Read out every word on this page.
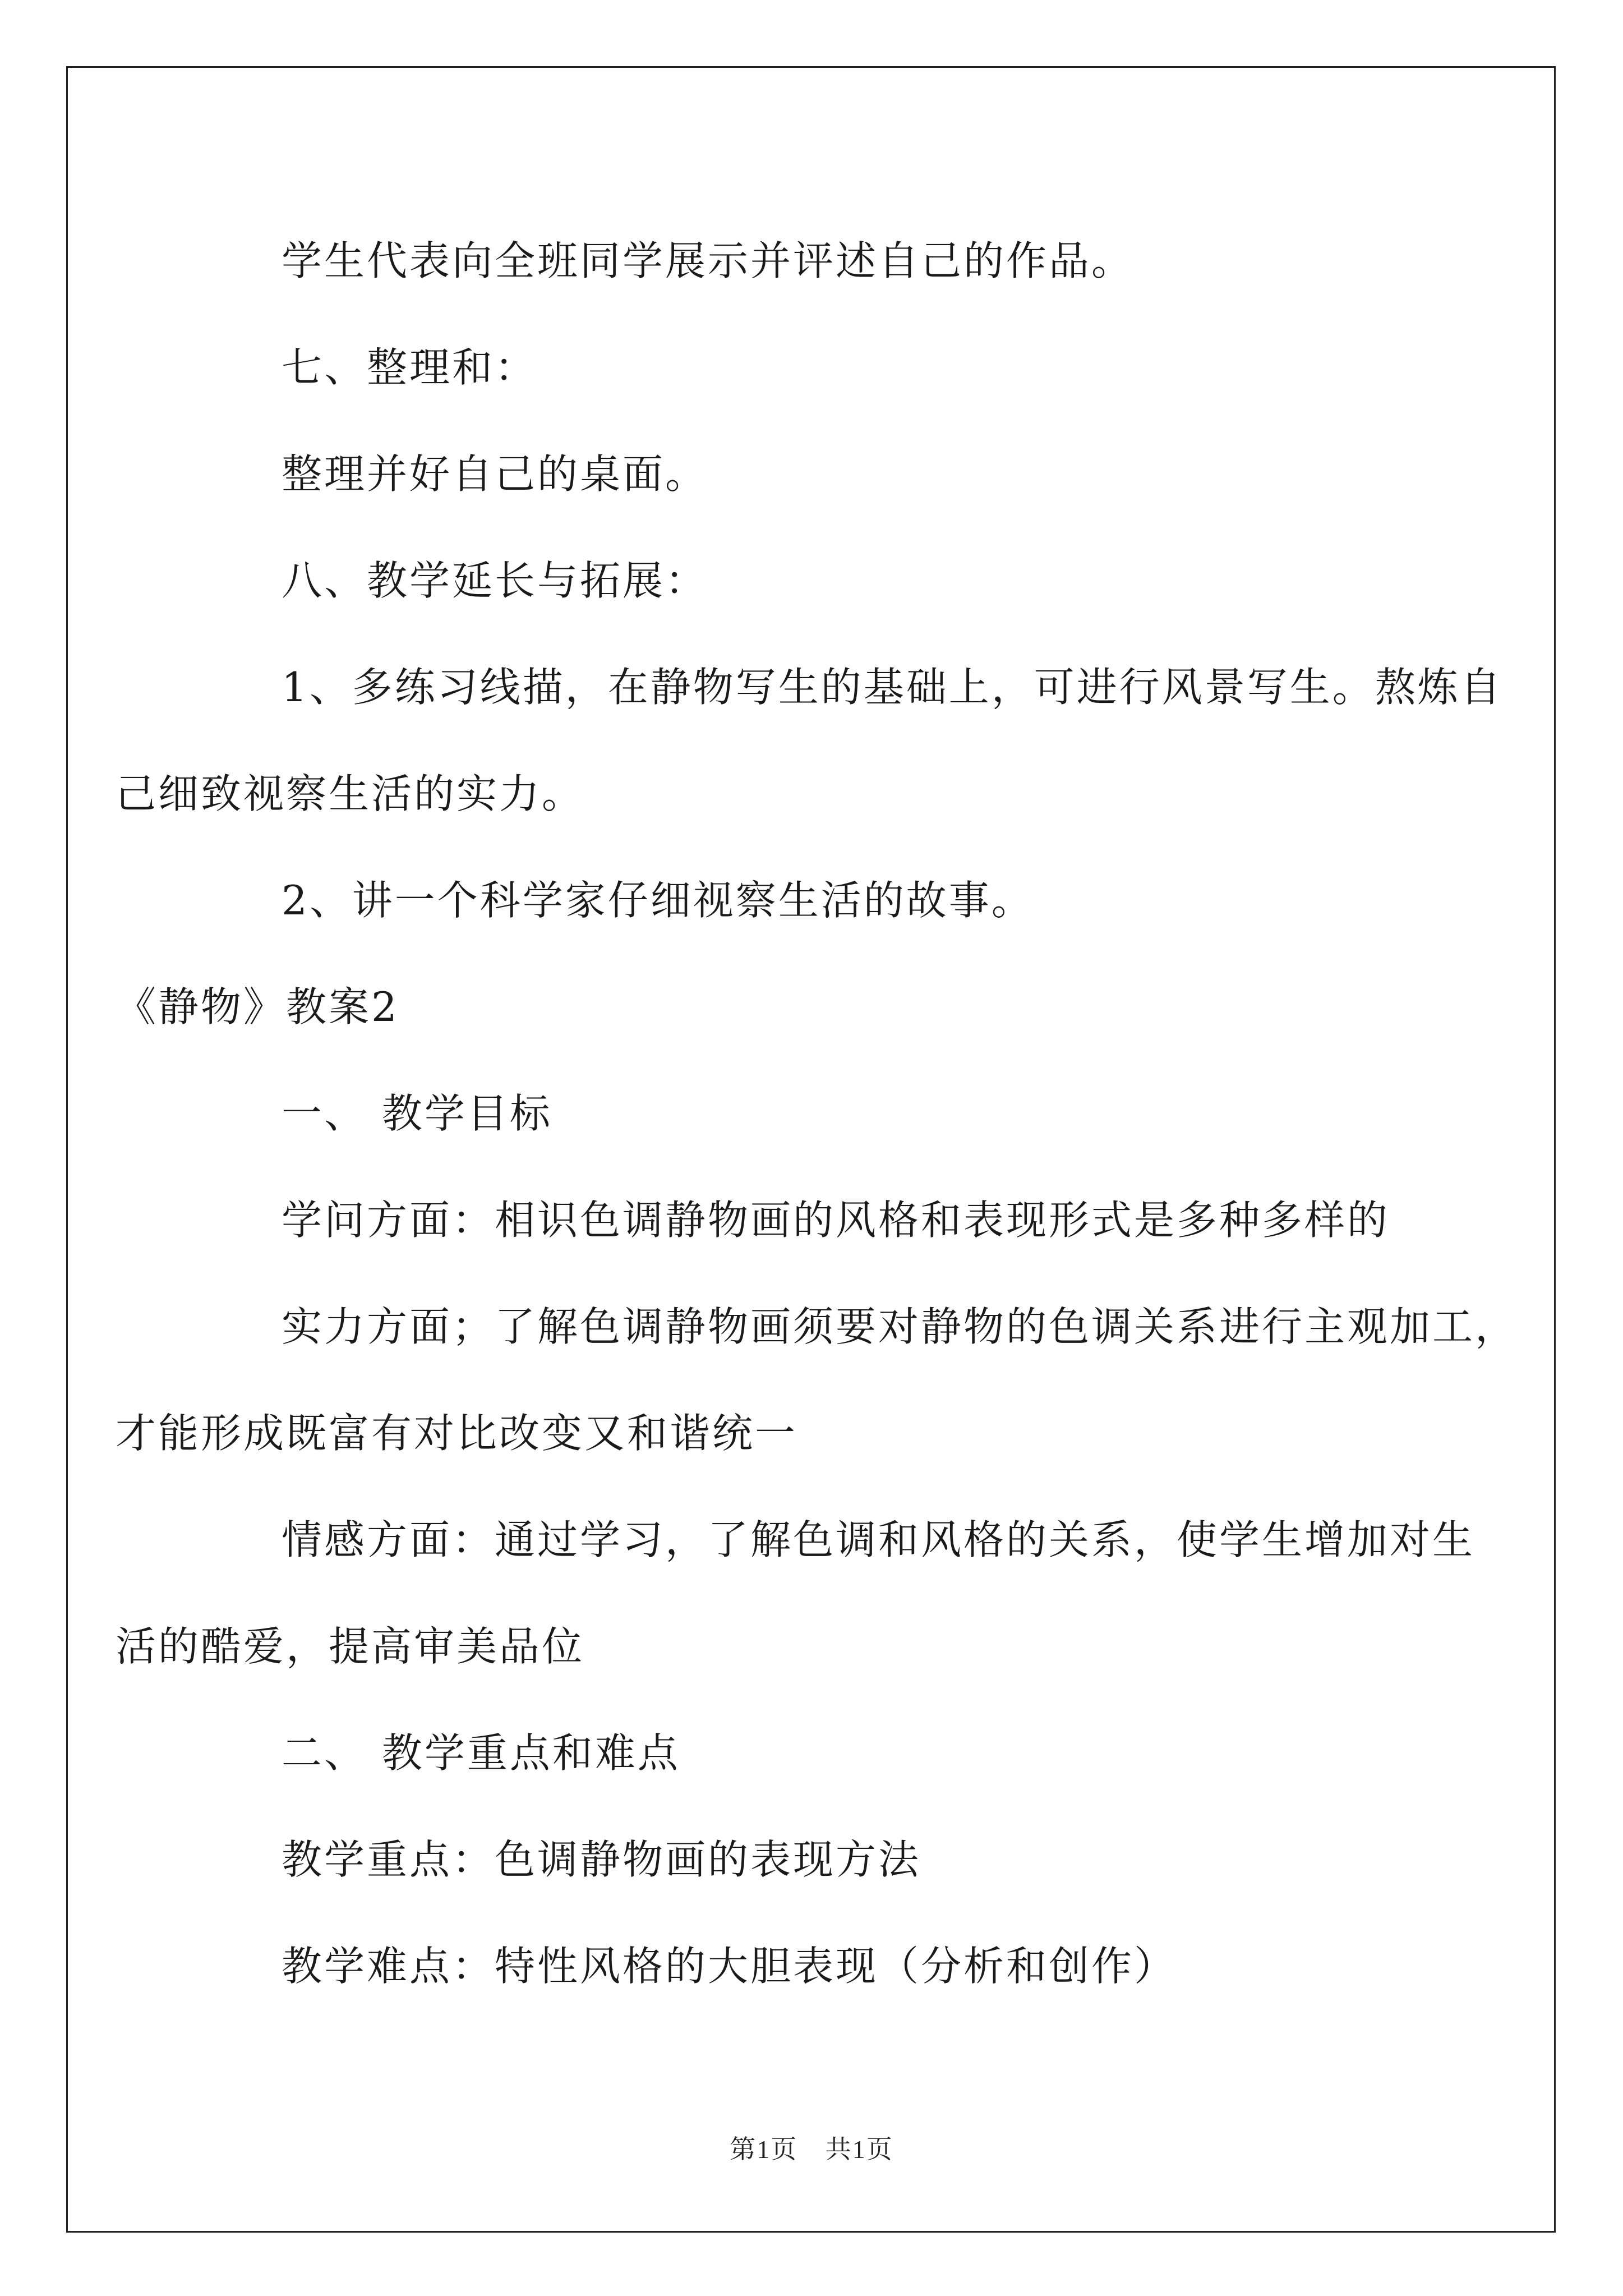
学生代表向全班同学展示并评述自己的作品。

七、整理和：

整理并好自己的桌面。

八、教学延长与拓展：

1、多练习线描，在静物写生的基础上，可进行风景写生。熬炼自

己细致视察生活的实力。

2、讲一个科学家仔细视察生活的故事。

《静物》教案2

一、 教学目标

学问方面：相识色调静物画的风格和表现形式是多种多样的

实力方面；了解色调静物画须要对静物的色调关系进行主观加工，

才能形成既富有对比改变又和谐统一

情感方面：通过学习，了解色调和风格的关系，使学生增加对生

活的酷爱，提高审美品位

二、 教学重点和难点

教学重点：色调静物画的表现方法

教学难点：特性风格的大胆表现（分析和创作）

第1页 共1页
